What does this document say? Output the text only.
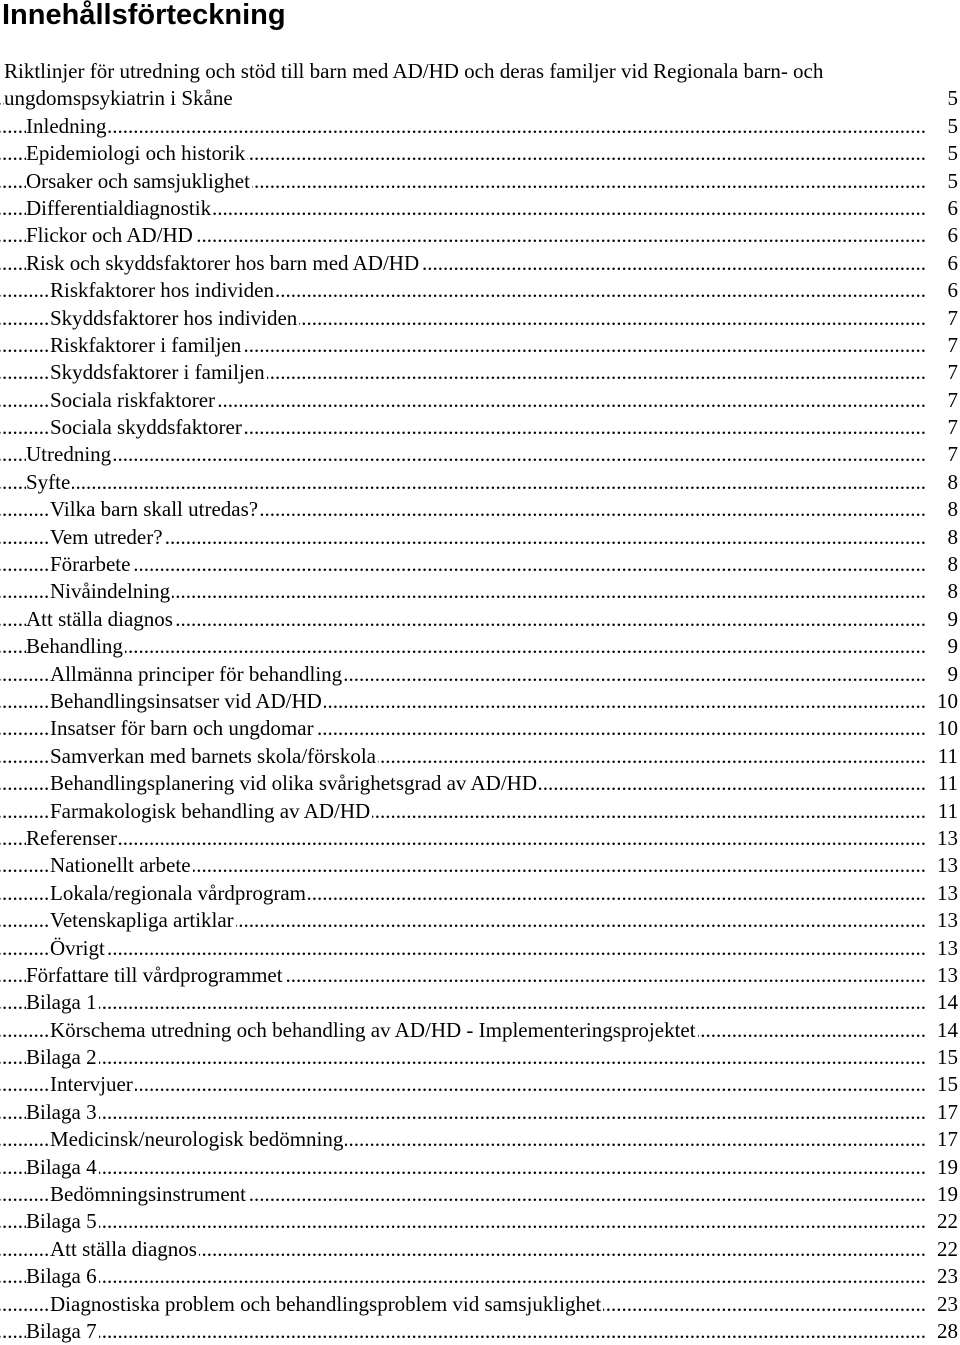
Innehållsförteckning
.....
Riktlinjer för utredning och stöd till barn med AD/HD och deras familjer vid Regionala barn- och
ungdomspsykiatrin i Skåne	5
.....
Inledning	5
.....
Epidemiologi och historik	5
.....
Orsaker och samsjuklighet	5
.....
Differentialdiagnostik	6
.....
Flickor och AD/HD	6
.....
Risk och skyddsfaktorer hos barn med AD/HD	6
.....
Riskfaktorer hos individen	6
.....
Skyddsfaktorer hos individen	7
.....
Riskfaktorer i familjen	7
.....
Skyddsfaktorer i familjen	7
.....
Sociala riskfaktorer	7
.....
Sociala skyddsfaktorer	7
.....
Utredning	7
.....
Syfte	8
.....
Vilka barn skall utredas?	8
.....
Vem utreder?	8
.....
Förarbete	8
.....
Nivåindelning	8
.....
Att ställa diagnos	9
.....
Behandling	9
.....
Allmänna principer för behandling	9
.....
Behandlingsinsatser vid AD/HD	10
.....
Insatser för barn och ungdomar	10
.....
Samverkan med barnets skola/förskola	11
.....
Behandlingsplanering vid olika svårighetsgrad av AD/HD	11
.....
Farmakologisk behandling av AD/HD	11
.....
Referenser	13
.....
Nationellt arbete	13
.....
Lokala/regionala vårdprogram	13
.....
Vetenskapliga artiklar	13
.....
Övrigt	13
.....
Författare till vårdprogrammet	13
.....
Bilaga 1	14
.....
Körschema utredning och behandling av AD/HD - Implementeringsprojektet	14
.....
Bilaga 2	15
.....
Intervjuer	15
.....
Bilaga 3	17
.....
Medicinsk/neurologisk bedömning	17
.....
Bilaga 4	19
.....
Bedömningsinstrument	19
.....
Bilaga 5	22
.....
Att ställa diagnos	22
.....
Bilaga 6	23
.....
Diagnostiska problem och behandlingsproblem vid samsjuklighet	23
.....
Bilaga 7	28
